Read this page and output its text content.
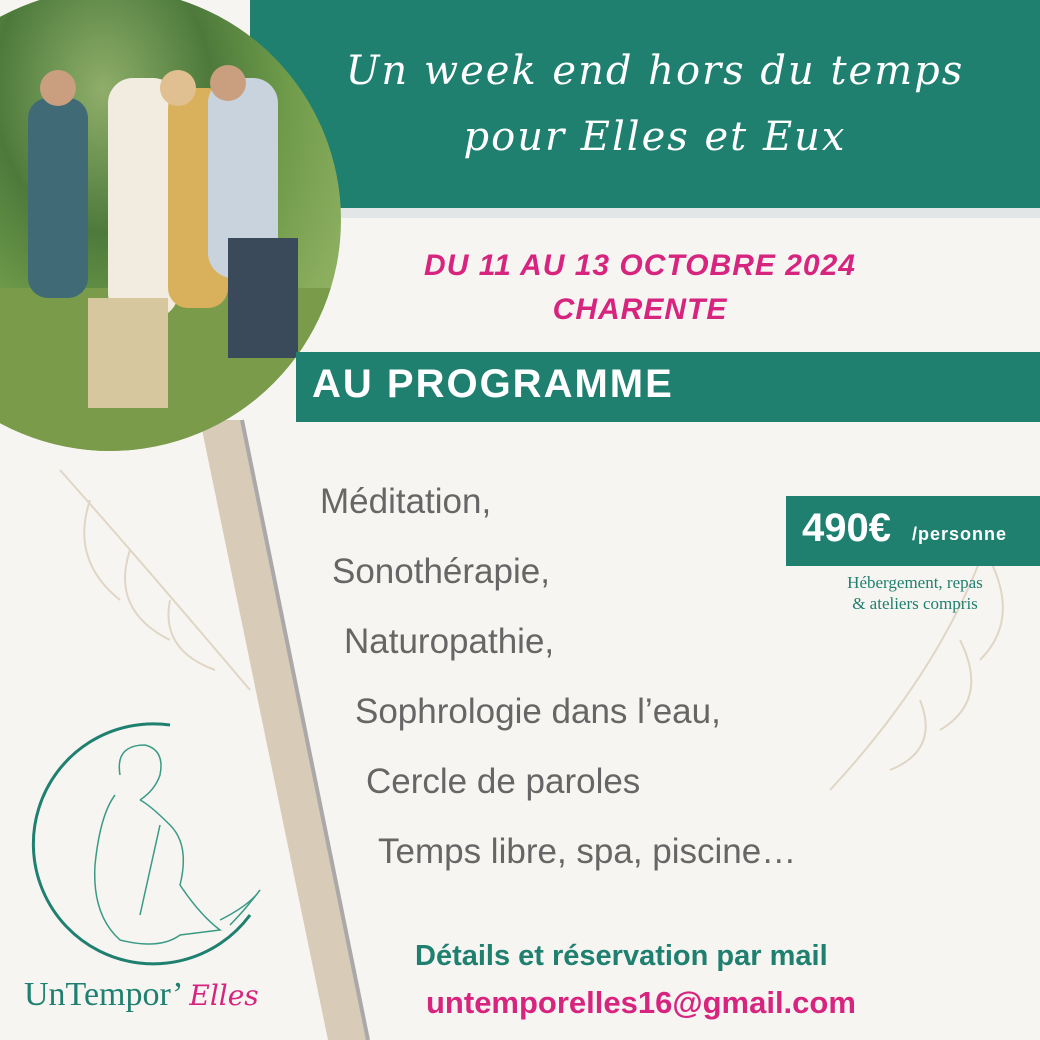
Un week end hors du temps
pour Elles et Eux
DU 11 AU 13 OCTOBRE 2024
CHARENTE
AU PROGRAMME
Méditation,
Sonothérapie,
Naturopathie,
Sophrologie dans l’eau,
Cercle de paroles
Temps libre, spa, piscine…
490€ /personne
Hébergement, repas
& ateliers compris
UnTempor’ Elles
Détails et réservation par mail
untemporelles16@gmail.com
